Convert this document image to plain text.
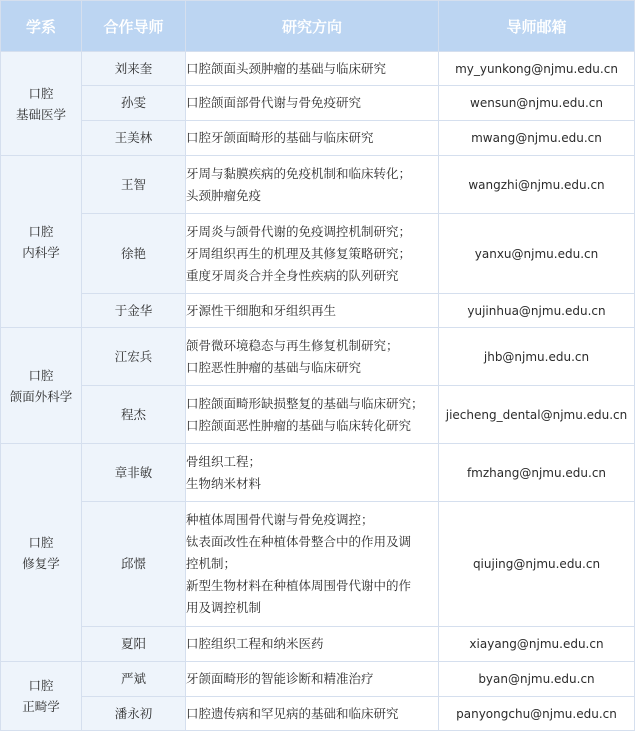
学系	合作导师	研究方向	导师邮箱

口腔
基础医学	刘来奎	口腔颌面头颈肿瘤的基础与临床研究	my_yunkong@njmu.edu.cn
	孙雯	口腔颌面部骨代谢与骨免疫研究	wensun@njmu.edu.cn
	王美林	口腔牙颌面畸形的基础与临床研究	mwang@njmu.edu.cn

口腔
内科学	王智	牙周与黏膜疾病的免疫机制和临床转化；
头颈肿瘤免疫	wangzhi@njmu.edu.cn
	徐艳	牙周炎与颌骨代谢的免疫调控机制研究；
牙周组织再生的机理及其修复策略研究；
重度牙周炎合并全身性疾病的队列研究	yanxu@njmu.edu.cn
	于金华	牙源性干细胞和牙组织再生	yujinhua@njmu.edu.cn

口腔
颌面外科学	江宏兵	颌骨微环境稳态与再生修复机制研究；
口腔恶性肿瘤的基础与临床研究	jhb@njmu.edu.cn
	程杰	口腔颌面畸形缺损整复的基础与临床研究；
口腔颌面恶性肿瘤的基础与临床转化研究	jiecheng_dental@njmu.edu.cn

口腔
修复学	章非敏	骨组织工程；
生物纳米材料	fmzhang@njmu.edu.cn
	邱憬	种植体周围骨代谢与骨免疫调控；
钛表面改性在种植体骨整合中的作用及调
控机制；
新型生物材料在种植体周围骨代谢中的作
用及调控机制	qiujing@njmu.edu.cn
	夏阳	口腔组织工程和纳米医药	xiayang@njmu.edu.cn

口腔
正畸学	严斌	牙颌面畸形的智能诊断和精准治疗	byan@njmu.edu.cn
	潘永初	口腔遗传病和罕见病的基础和临床研究	panyongchu@njmu.edu.cn
